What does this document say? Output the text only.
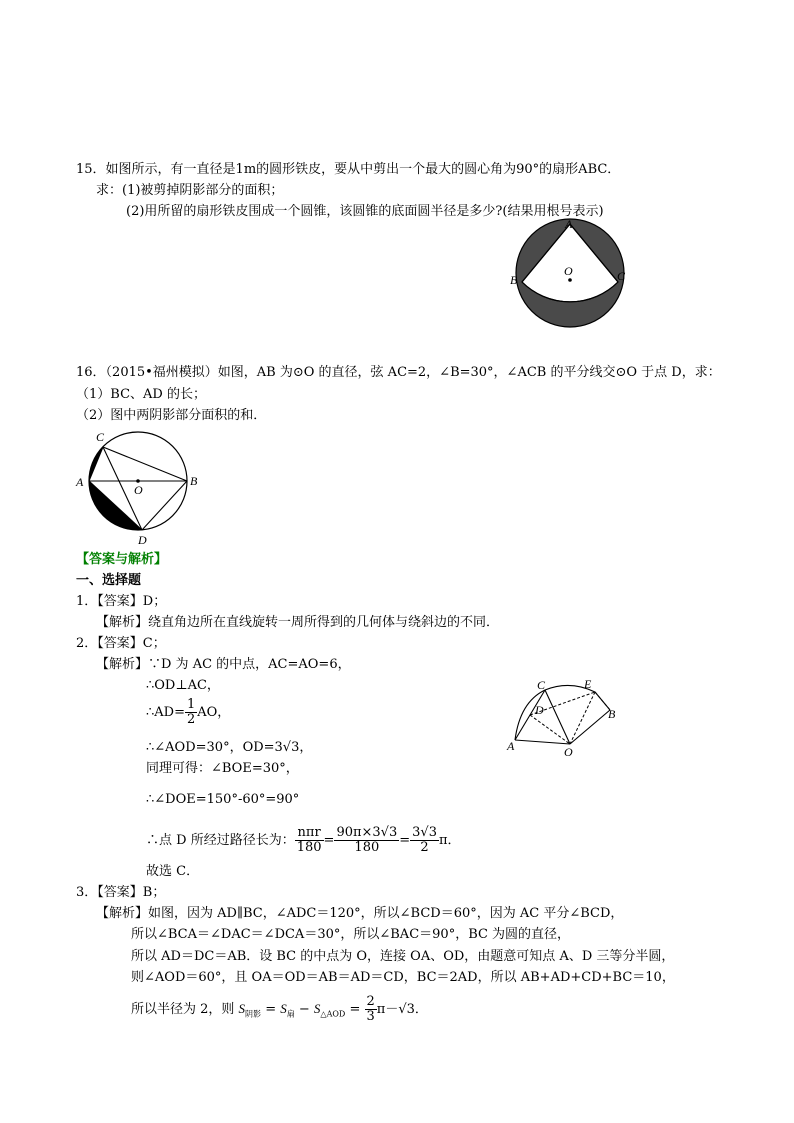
15．如图所示，有一直径是1m的圆形铁皮，要从中剪出一个最大的圆心角为90°的扇形ABC．
求：(1)被剪掉阴影部分的面积；
(2)用所留的扇形铁皮围成一个圆锥，该圆锥的底面圆半径是多少?(结果用根号表示)
A
B	C
O
16．（2015•福州模拟）如图，AB 为⊙O 的直径，弦 AC=2，∠B=30°，∠ACB 的平分线交⊙O 于点 D，求：
（1）BC、AD 的长；
（2）图中两阴影部分面积的和．
C
A	B
O
D
【答案与解析】
一、选择题
1．【答案】D；
【解析】绕直角边所在直线旋转一周所得到的几何体与绕斜边的不同．
2．【答案】C；
【解析】∵D 为 AC 的中点，AC=AO=6，
∴OD⊥AC，
∴AD= $\frac{1}{2}$ AO，
∴∠AOD=30°，OD=3√3，
同理可得：∠BOE=30°，
∴∠DOE=150°-60°=90°
∴点 D 所经过路径长为： $\frac{\text{nπr}}{180} = \frac{90\pi\times 3√3}{180} = \frac{3√3}{2}$ π．
故选 C．
C	E
D	B
A	O
3．【答案】B；
【解析】如图，因为 AD∥BC，∠ADC＝120°，所以∠BCD＝60°，因为 AC 平分∠BCD，
所以∠BCA＝∠DAC＝∠DCA＝30°，所以∠BAC＝90°，BC 为圆的直径，
所以 AD＝DC＝AB．设 BC 的中点为 O，连接 OA、OD，由题意可知点 A、D 三等分半圆，
则∠AOD＝60°，且 OA＝OD＝AB＝AD＝CD，BC＝2AD，所以 AB+AD+CD+BC＝10，
所以半径为 2，则 $S_{阴影} = S_扇 - S_{\triangle AOD} = \frac{2}{3} \pi-√3$．
